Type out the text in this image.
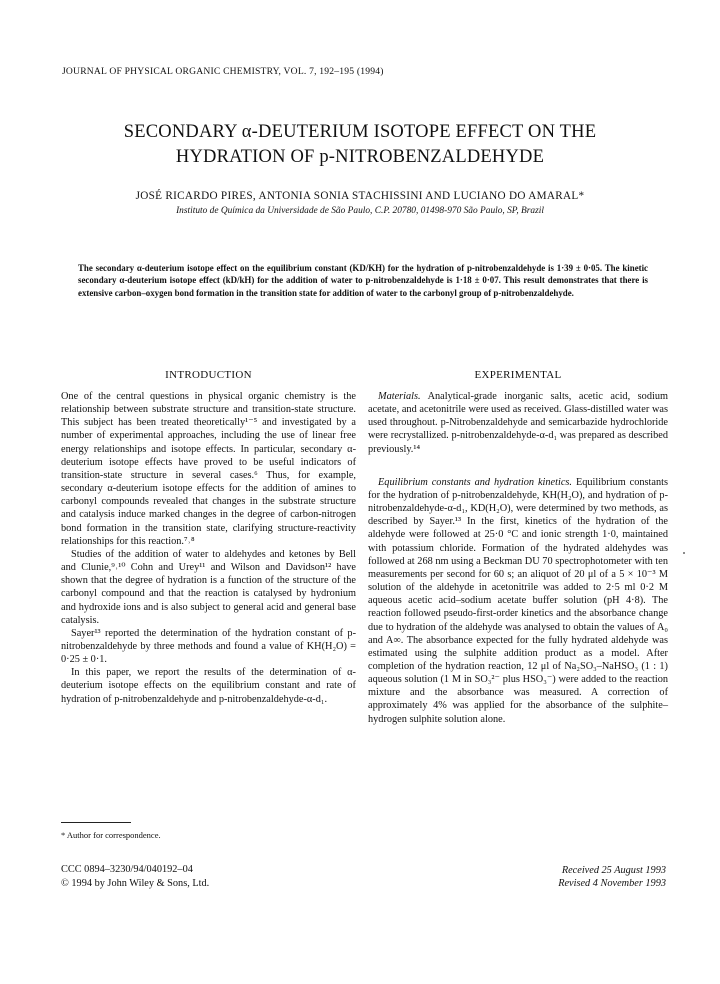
JOURNAL OF PHYSICAL ORGANIC CHEMISTRY, VOL. 7, 192–195 (1994)
SECONDARY α-DEUTERIUM ISOTOPE EFFECT ON THE
HYDRATION OF p-NITROBENZALDEHYDE
JOSÉ RICARDO PIRES, ANTONIA SONIA STACHISSINI AND LUCIANO DO AMARAL*
Instituto de Química da Universidade de São Paulo, C.P. 20780, 01498-970 São Paulo, SP, Brazil
The secondary α-deuterium isotope effect on the equilibrium constant (KD/KH) for the hydration of p-nitrobenzaldehyde is 1·39 ± 0·05. The kinetic secondary α-deuterium isotope effect (kD/kH) for the addition of water to p-nitrobenzaldehyde is 1·18 ± 0·07. This result demonstrates that there is extensive carbon–oxygen bond formation in the transition state for addition of water to the carbonyl group of p-nitrobenzaldehyde.
INTRODUCTION

One of the central questions in physical organic chemistry is the relationship between substrate structure and transition-state structure. This subject has been treated theoretically¹⁻⁵ and investigated by a number of experimental approaches, including the use of linear free energy relationships and isotope effects. In particular, secondary α-deuterium isotope effects have proved to be useful indicators of transition-state structure in several cases.⁶ Thus, for example, secondary α-deuterium isotope effects for the addition of amines to carbonyl compounds revealed that changes in the substrate structure and catalysis induce marked changes in the degree of carbon-nitrogen bond formation in the transition state, clarifying structure-reactivity relationships for this reaction.⁷˒⁸

Studies of the addition of water to aldehydes and ketones by Bell and Clunie,⁹˒¹⁰ Cohn and Urey¹¹ and Wilson and Davidson¹² have shown that the degree of hydration is a function of the structure of the carbonyl compound and that the reaction is catalysed by hydronium and hydroxide ions and is also subject to general acid and general base catalysis.

Sayer¹³ reported the determination of the hydration constant of p-nitrobenzaldehyde by three methods and found a value of KH(H₂O) = 0·25 ± 0·1.

In this paper, we report the results of the determination of α-deuterium isotope effects on the equilibrium constant and rate of hydration of p-nitrobenzaldehyde and p-nitrobenzaldehyde-α-d₁.

* Author for correspondence.
CCC 0894–3230/94/040192–04
© 1994 by John Wiley & Sons, Ltd.
EXPERIMENTAL

Materials. Analytical-grade inorganic salts, acetic acid, sodium acetate, and acetonitrile were used as received. Glass-distilled water was used throughout. p-Nitrobenzaldehyde and semicarbazide hydrochloride were recrystallized. p-nitrobenzaldehyde-α-d₁ was prepared as described previously.¹⁴

Equilibrium constants and hydration kinetics. Equilibrium constants for the hydration of p-nitrobenzaldehyde, KH(H₂O), and hydration of p-nitrobenzaldehyde-α-d₁, KD(H₂O), were determined by two methods, as described by Sayer.¹³ In the first, kinetics of the hydration of the aldehyde were followed at 25·0 °C and ionic strength 1·0, maintained with potassium chloride. Formation of the hydrated aldehydes was followed at 268 nm using a Beckman DU 70 spectrophotometer with ten measurements per second for 60 s; an aliquot of 20 μl of a 5 × 10⁻³ M solution of the aldehyde in acetonitrile was added to 2·5 ml 0·2 M aqueous acetic acid–sodium acetate buffer solution (pH 4·8). The reaction followed pseudo-first-order kinetics and the absorbance change due to hydration of the aldehyde was analysed to obtain the values of A₀ and A∞. The absorbance expected for the fully hydrated aldehyde was estimated using the sulphite addition product as a model. After completion of the hydration reaction, 12 μl of Na₂SO₃–NaHSO₃ (1 : 1) aqueous solution (1 M in SO₃²⁻ plus HSO₃⁻) were added to the reaction mixture and the absorbance was measured. A correction of approximately 4% was applied for the absorbance of the sulphite–hydrogen sulphite solution alone.

Received 25 August 1993
Revised 4 November 1993
